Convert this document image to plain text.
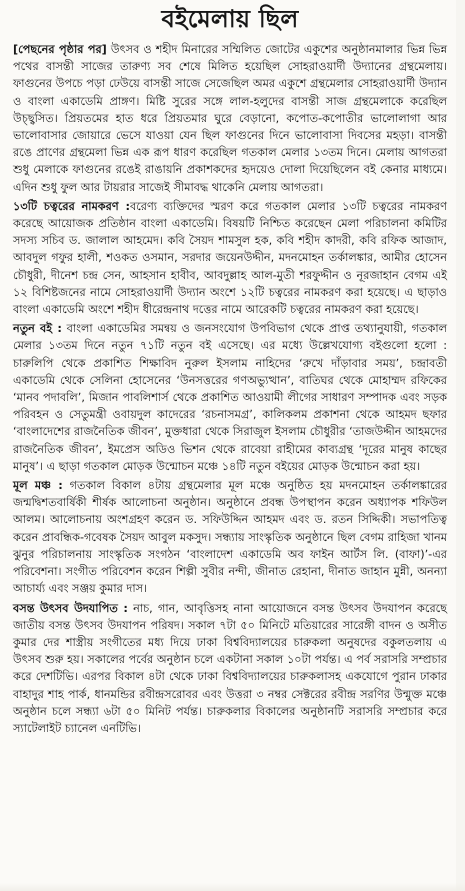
বইমেলায় ছিল

[পেছনের পৃষ্ঠার পর] উৎসব ও শহীদ মিনারের সম্মিলিত জোটের একুশের অনুষ্ঠানমালার ভিন্ন ভিন্ন পথের বাসন্তী সাজের তারুণ্য সব শেষে মিলিত হয়েছিল সোহরাওয়ার্দী উদ্যানের গ্রন্থমেলায়। ফাগুনের উপচে পড়া ঢেউয়ে বাসন্তী সাজে সেজেছিল অমর একুশে গ্রন্থমেলার সোহরাওয়ার্দী উদ্যান ও বাংলা একাডেমি প্রাঙ্গণ। মিষ্টি সুরের সঙ্গে লাল-হলুদের বাসন্তী সাজ গ্রন্থমেলাকে করেছিল উচ্ছ্বসিত। প্রিয়তমের হাত ধরে প্রিয়তমার ঘুরে বেড়ানো, কপোত-কপোতীর ভালোলাগা আর ভালোবাসার জোয়ারে ভেসে যাওয়া যেন ছিল ফাগুনের দিনে ভালোবাসা দিবসের মহড়া। বাসন্তী রঙে প্রাণের গ্রন্থমেলা ভিন্ন এক রূপ ধারণ করেছিল গতকাল মেলার ১৩তম দিনে। মেলায় আগতরা শুধু মেলাকে ফাগুনের রঙেই রাঙায়নি প্রকাশকদের হৃদয়েও দোলা দিয়েছিলেন বই কেনার মাধ্যমে। এদিন শুধু ফুল আর টায়রার সাজেই সীমাবদ্ধ থাকেনি মেলায় আগতরা।

১৩টি চত্বরের নামকরণ :বরেণ্য ব্যক্তিদের স্মরণ করে গতকাল মেলার ১৩টি চত্বরের নামকরণ করেছে আয়োজক প্রতিষ্ঠান বাংলা একাডেমি। বিষয়টি নিশ্চিত করেছেন মেলা পরিচালনা কমিটির সদস্য সচিব ড. জালাল আহমেদ। কবি সৈয়দ শামসুল হক, কবি শহীদ কাদরী, কবি রফিক আজাদ, আবদুল গফুর হালী, শওকত ওসমান, সরদার জয়েনউদ্দীন, মদনমোহন তর্কালঙ্কার, আমীর হোসেন চৌধুরী, দীনেশ চন্দ্র সেন, আহসান হাবীব, আবদুল্লাহ আল-মুতী শরফুদ্দীন ও নূরজাহান বেগম এই ১২ বিশিষ্টজনের নামে সোহরাওয়ার্দী উদ্যান অংশে ১২টি চত্বরের নামকরণ করা হয়েছে। এ ছাড়াও বাংলা একাডেমি অংশে শহীদ ধীরেন্দ্রনাথ দত্তের নামে আরেকটি চত্বরের নামকরণ করা হয়েছে।

নতুন বই : বাংলা একাডেমির সমন্বয় ও জনসংযোগ উপবিভাগ থেকে প্রাপ্ত তথ্যানুযায়ী, গতকাল মেলার ১৩তম দিনে নতুন ৭১টি নতুন বই এসেছে। এর মধ্যে উল্লেখযোগ্য বইগুলো হলো : চারুলিপি থেকে প্রকাশিত শিক্ষাবিদ নুরুল ইসলাম নাহিদের ‘রুখে দাঁড়াবার সময়’, চন্দ্রাবতী একাডেমি থেকে সেলিনা হোসেনের ‘উনসত্তরের গণঅভ্যুত্থান’, বাতিঘর থেকে মোহাম্মদ রফিকের ‘মানব পদাবলি’, মিজান পাবলিশার্স থেকে প্রকাশিত আওয়ামী লীগের সাধারণ সম্পাদক এবং সড়ক পরিবহন ও সেতুমন্ত্রী ওবায়দুল কাদেরের ‘রচনাসমগ্র’, কালিকলম প্রকাশনা থেকে আহমদ ছফার ‘বাংলাদেশের রাজনৈতিক জীবন’, মুক্তধারা থেকে সিরাজুল ইসলাম চৌধুরীর ‘তাজউদ্দীন আহমদের রাজনৈতিক জীবন’, ইমপ্রেস অডিও ভিশন থেকে রাবেয়া রাহীমের কাব্যগ্রন্থ ‘দূরের মানুষ কাছের মানুষ’। এ ছাড়া গতকাল মোড়ক উন্মোচন মঞ্চে ১৪টি নতুন বইয়ের মোড়ক উন্মোচন করা হয়।

মূল মঞ্চ : গতকাল বিকাল ৪টায় গ্রন্থমেলার মূল মঞ্চে অনুষ্ঠিত হয় মদনমোহন তর্কালঙ্কারের জন্মদ্বিশতবার্ষিকী শীর্ষক আলোচনা অনুষ্ঠান। অনুষ্ঠানে প্রবন্ধ উপস্থাপন করেন অধ্যাপক শফিউল আলম। আলোচনায় অংশগ্রহণ করেন ড. সফিউদ্দিন আহমদ এবং ড. রতন সিদ্দিকী। সভাপতিত্ব করেন প্রাবন্ধিক-গবেষক সৈয়দ আবুল মকসুদ। সন্ধ্যায় সাংস্কৃতিক অনুষ্ঠানে ছিল বেগম রাহিজা খানম ঝুনুর পরিচালনায় সাংস্কৃতিক সংগঠন ‘বাংলাদেশ একাডেমি অব ফাইন আর্টস লি. (বাফা)’-এর পরিবেশনা। সংগীত পরিবেশন করেন শিল্পী সুবীর নন্দী, জীনাত রেহানা, দীনাত জাহান মুন্নী, অনন্যা আচার্য্য এবং সঞ্জয় কুমার দাস।

বসন্ত উৎসব উদযাপিত : নাচ, গান, আবৃত্তিসহ নানা আয়োজনে বসন্ত উৎসব উদযাপন করেছে জাতীয় বসন্ত উৎসব উদযাপন পরিষদ। সকাল ৭টা ৫০ মিনিটে মতিয়ারের সারেঙ্গী বাদন ও অসীত কুমার দের শাস্ত্রীয় সংগীতের মধ্য দিয়ে ঢাকা বিশ্ববিদ্যালয়ের চারুকলা অনুষদের বকুলতলায় এ উৎসব শুরু হয়। সকালের পর্বের অনুষ্ঠান চলে একটানা সকাল ১০টা পর্যন্ত। এ পর্ব সরাসরি সম্প্রচার করে দেশটিভি। এরপর বিকাল ৪টা থেকে ঢাকা বিশ্ববিদ্যালয়ের চারুকলাসহ একযোগে পুরান ঢাকার বাহাদুর শাহ পার্ক, ধানমন্ডির রবীন্দ্রসরোবর এবং উত্তরা ৩ নম্বর সেক্টরের রবীন্দ্র সরণির উন্মুক্ত মঞ্চে অনুষ্ঠান চলে সন্ধ্যা ৬টা ৫০ মিনিট পর্যন্ত। চারুকলার বিকালের অনুষ্ঠানটি সরাসরি সম্প্রচার করে স্যাটেলাইট চ্যানেল এনটিভি।
